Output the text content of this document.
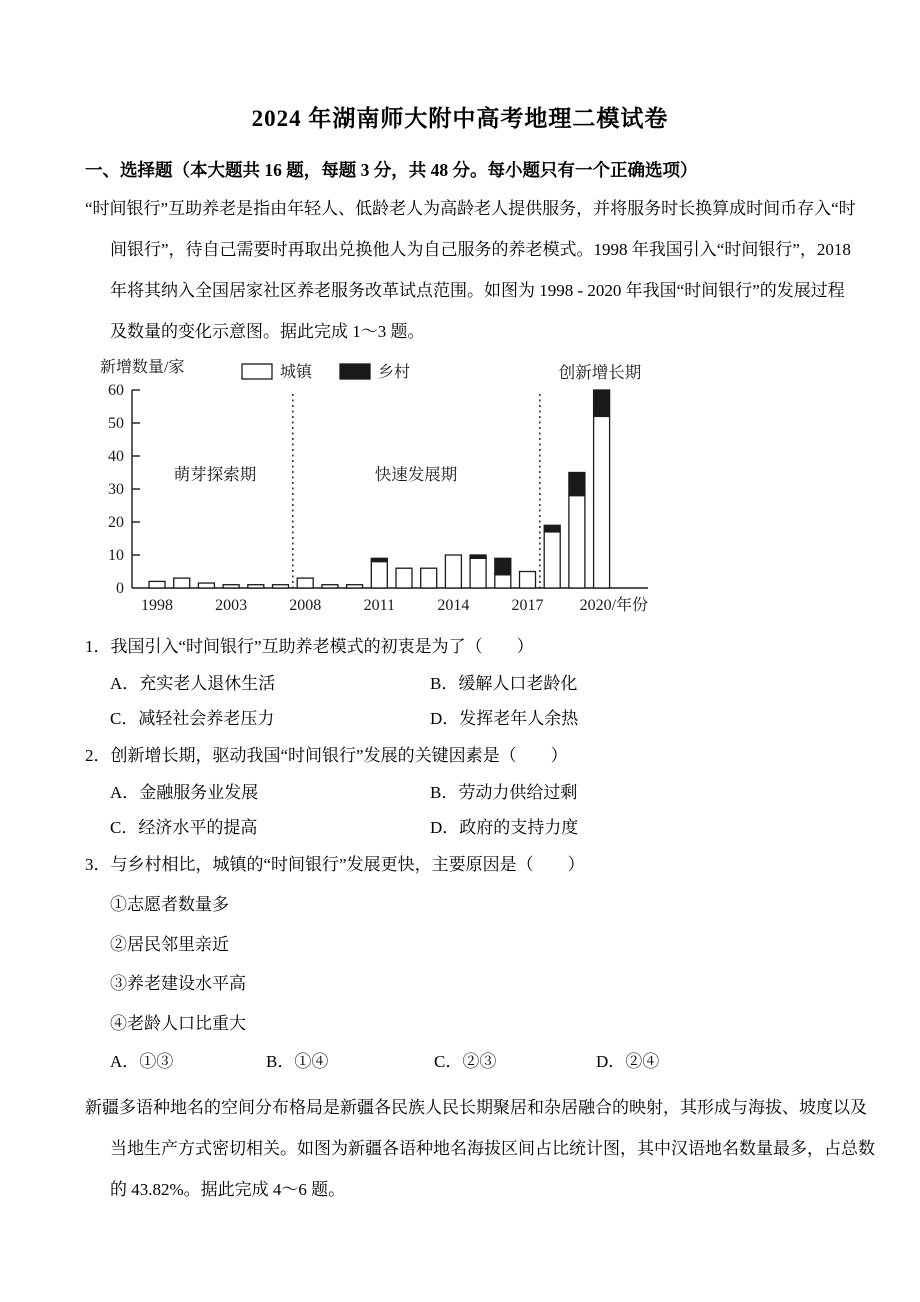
2024 年湖南师大附中高考地理二模试卷
一、选择题（本大题共 16 题，每题 3 分，共 48 分。每小题只有一个正确选项）
“时间银行”互助养老是指由年轻人、低龄老人为高龄老人提供服务，并将服务时长换算成时间币存入“时
间银行”，待自己需要时再取出兑换他人为自己服务的养老模式。1998 年我国引入“时间银行”，2018
年将其纳入全国居家社区养老服务改革试点范围。如图为 1998 - 2020 年我国“时间银行”的发展过程
及数量的变化示意图。据此完成 1～3 题。
新增数量/家	城镇	乡村
0
10
20
30
40
50
60
萌芽探索期	快速发展期
创新增长期
1998	2003	2008	2011	2014	2017 2020/年份
1．我国引入“时间银行”互助养老模式的初衷是为了（　　）
A．充实老人退休生活	B．缓解人口老龄化
C．减轻社会养老压力	D．发挥老年人余热
2．创新增长期，驱动我国“时间银行”发展的关键因素是（　　）
A．金融服务业发展	B．劳动力供给过剩
C．经济水平的提高	D．政府的支持力度
3．与乡村相比，城镇的“时间银行”发展更快，主要原因是（　　）
①志愿者数量多
②居民邻里亲近
③养老建设水平高
④老龄人口比重大
A．①③	B．①④	C．②③	D．②④
新疆多语种地名的空间分布格局是新疆各民族人民长期聚居和杂居融合的映射，其形成与海拔、坡度以及
当地生产方式密切相关。如图为新疆各语种地名海拔区间占比统计图，其中汉语地名数量最多，占总数
的 43.82%。据此完成 4～6 题。
